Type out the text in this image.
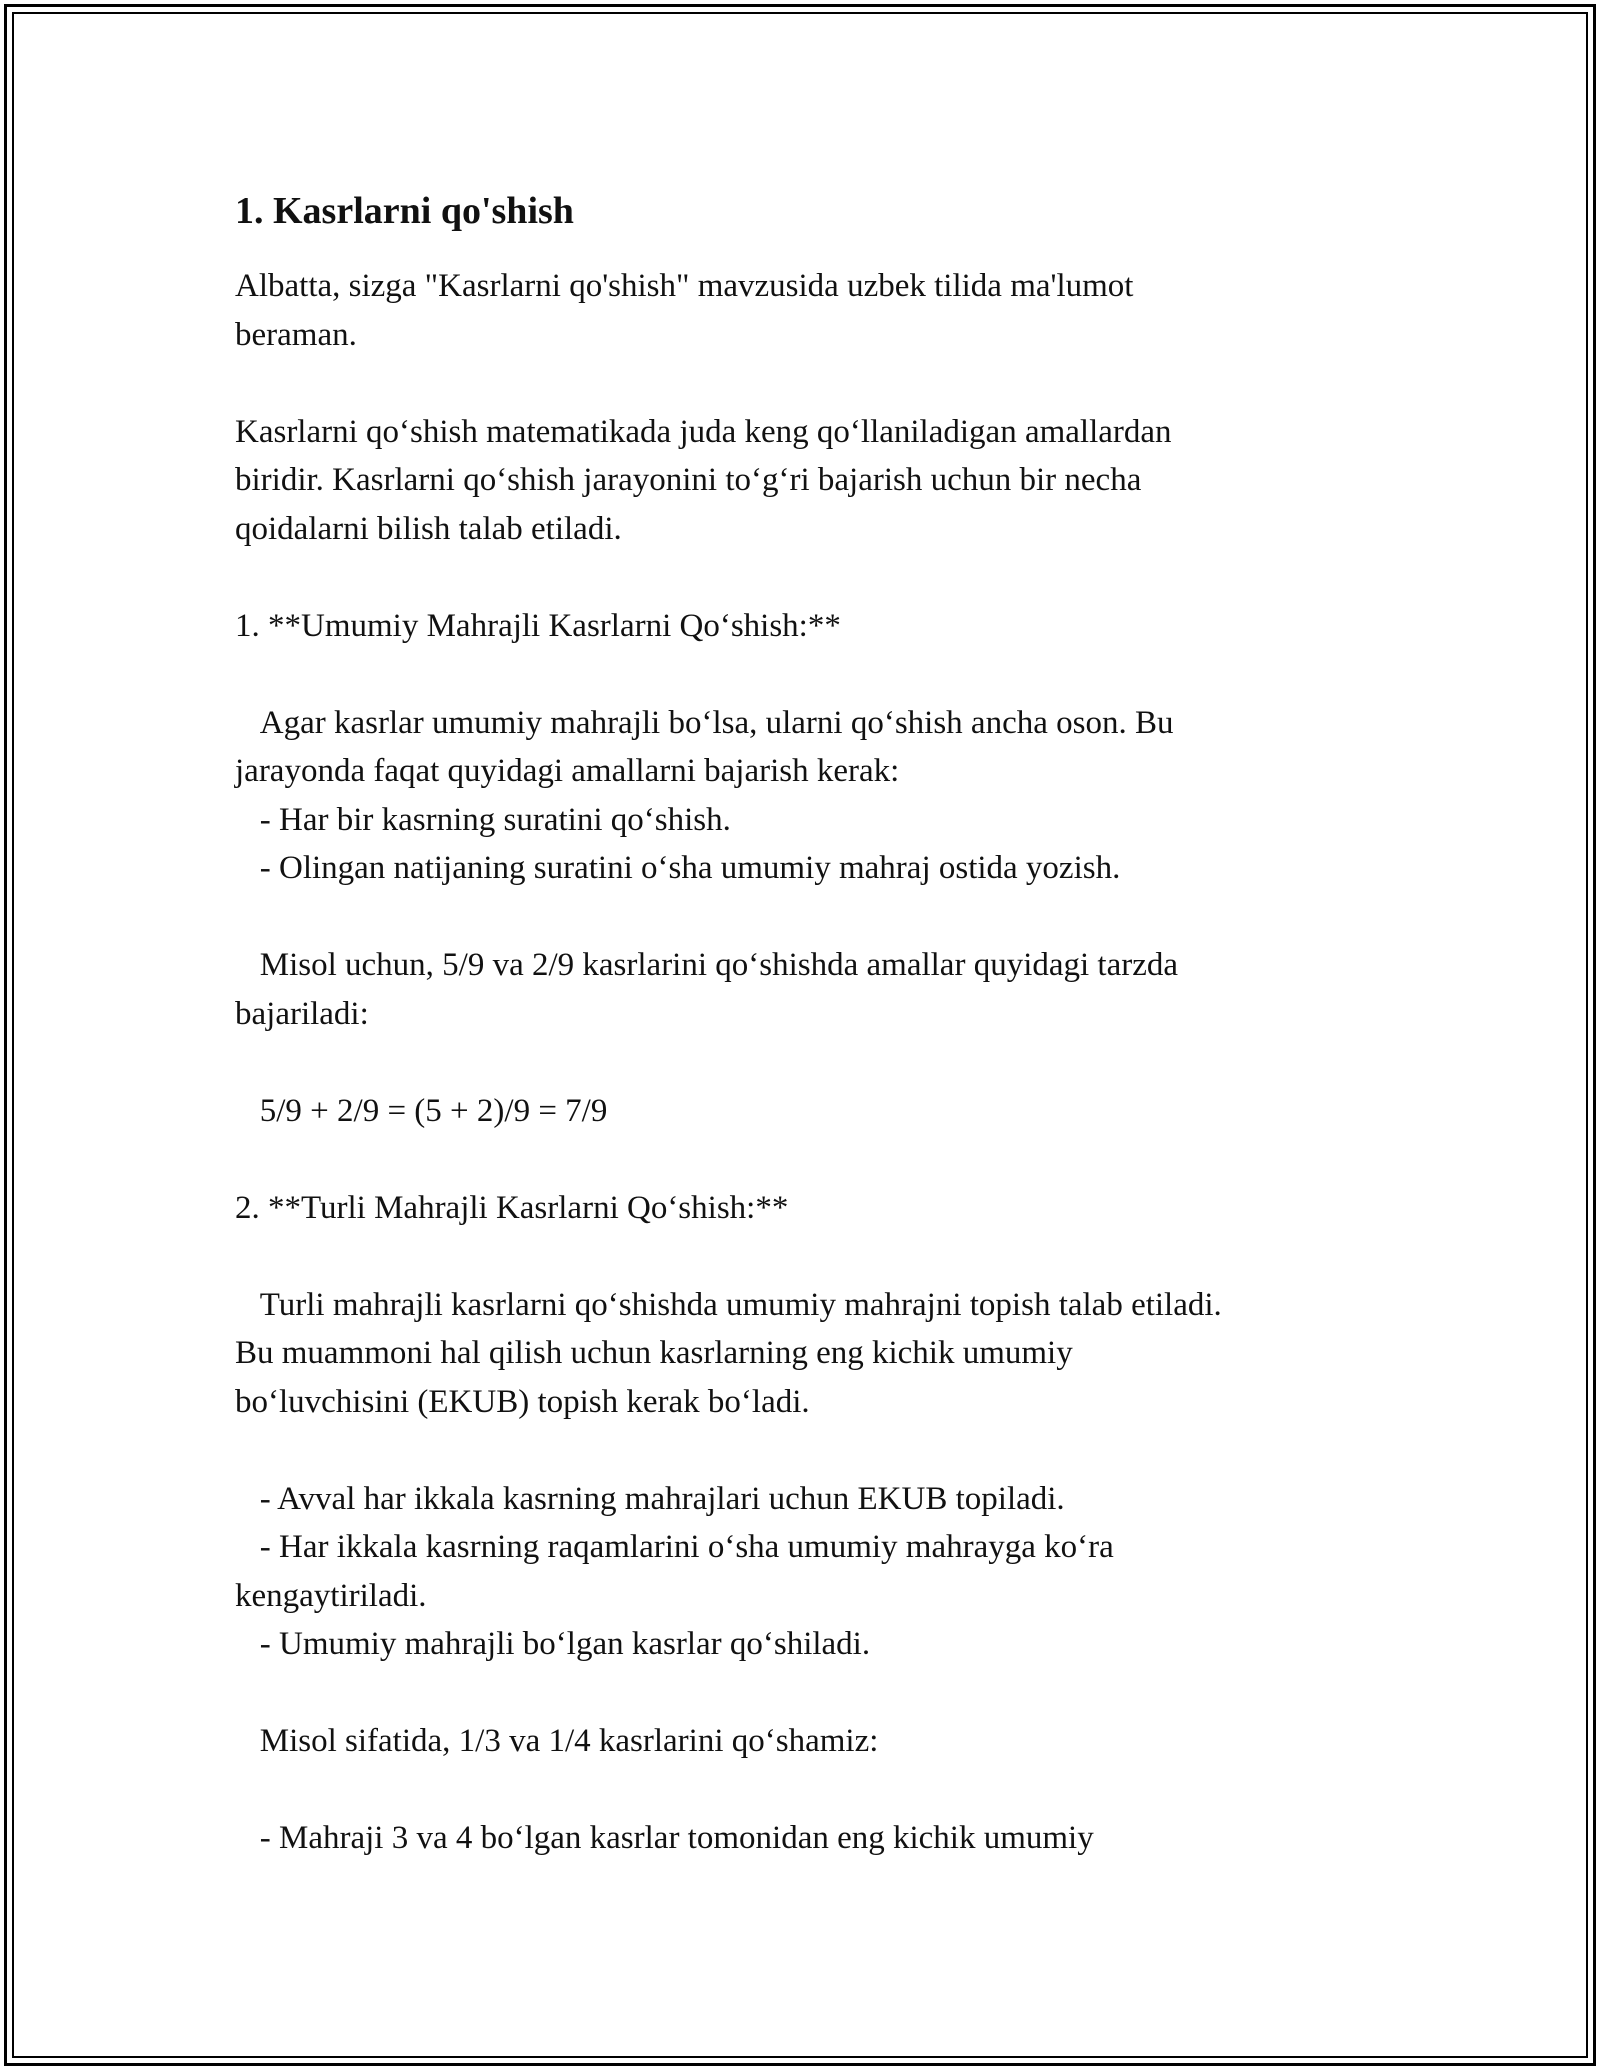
1. Kasrlarni qo'shish

Albatta, sizga "Kasrlarni qo'shish" mavzusida uzbek tilida ma'lumot

beraman.

Kasrlarni qo‘shish matematikada juda keng qo‘llaniladigan amallardan

biridir. Kasrlarni qo‘shish jarayonini to‘g‘ri bajarish uchun bir necha

qoidalarni bilish talab etiladi.

1. **Umumiy Mahrajli Kasrlarni Qo‘shish:**

Agar kasrlar umumiy mahrajli bo‘lsa, ularni qo‘shish ancha oson. Bu

jarayonda faqat quyidagi amallarni bajarish kerak:

- Har bir kasrning suratini qo‘shish.

- Olingan natijaning suratini o‘sha umumiy mahraj ostida yozish.

Misol uchun, 5/9 va 2/9 kasrlarini qo‘shishda amallar quyidagi tarzda

bajariladi:

5/9 + 2/9 = (5 + 2)/9 = 7/9

2. **Turli Mahrajli Kasrlarni Qo‘shish:**

Turli mahrajli kasrlarni qo‘shishda umumiy mahrajni topish talab etiladi.

Bu muammoni hal qilish uchun kasrlarning eng kichik umumiy

bo‘luvchisini (EKUB) topish kerak bo‘ladi.

- Avval har ikkala kasrning mahrajlari uchun EKUB topiladi.

- Har ikkala kasrning raqamlarini o‘sha umumiy mahrayga ko‘ra

kengaytiriladi.

- Umumiy mahrajli bo‘lgan kasrlar qo‘shiladi.

Misol sifatida, 1/3 va 1/4 kasrlarini qo‘shamiz:

- Mahraji 3 va 4 bo‘lgan kasrlar tomonidan eng kichik umumiy
